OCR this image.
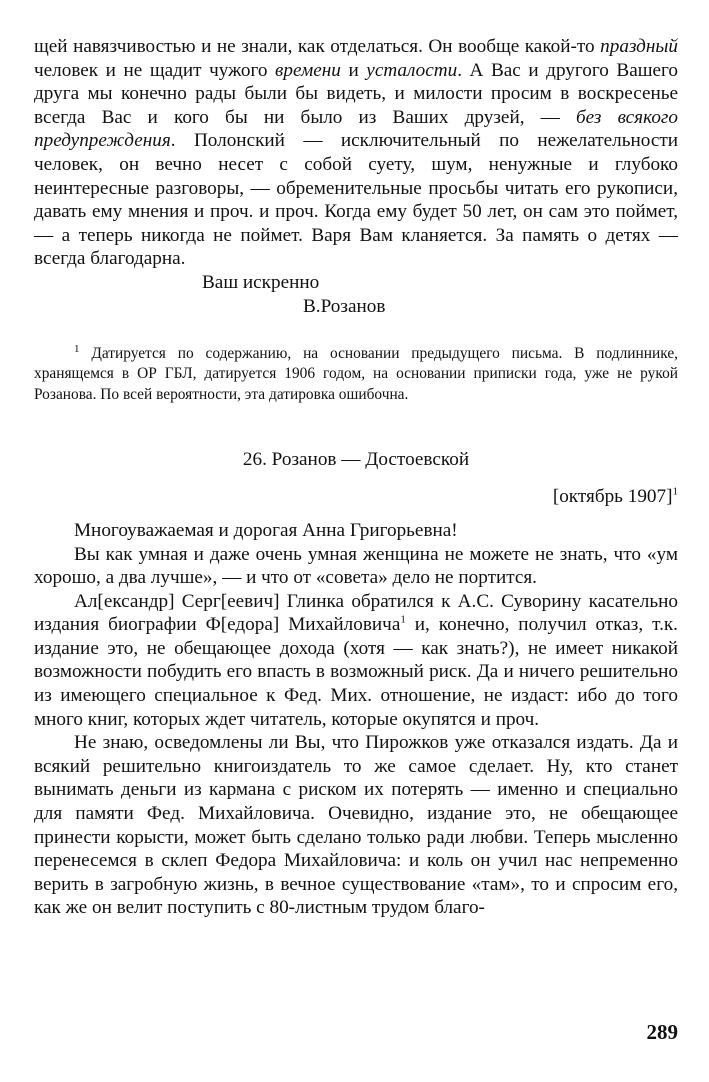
щей навязчивостью и не знали, как отделаться. Он вообще какой-то праздный человек и не щадит чужого времени и усталости. А Вас и другого Вашего друга мы конечно рады были бы видеть, и милости просим в воскресенье всегда Вас и кого бы ни было из Ваших друзей, — без всякого предупреждения. Полонский — исключительный по нежелательности человек, он вечно несет с собой суету, шум, ненужные и глубоко неинтересные разговоры, — обременительные просьбы читать его рукописи, давать ему мнения и проч. и проч. Когда ему будет 50 лет, он сам это поймет, — а теперь никогда не поймет. Варя Вам кланяется. За память о детях — всегда благодарна.

Ваш искренно

В.Розанов

$^1$ Датируется по содержанию, на основании предыдущего письма. В подлиннике, хранящемся в ОР ГБЛ, датируется 1906 годом, на основании приписки года, уже не рукой Розанова. По всей вероятности, эта датировка ошибочна.

26. Розанов — Достоевской

[октябрь 1907]$^1$

Многоуважаемая и дорогая Анна Григорьевна!

Вы как умная и даже очень умная женщина не можете не знать, что «ум хорошо, а два лучше», — и что от «совета» дело не портится.

Ал[ександр] Серг[еевич] Глинка обратился к А.С. Суворину касательно издания биографии Ф[едора] Михайловича$^1$ и, конечно, получил отказ, т.к. издание это, не обещающее дохода (хотя — как знать?), не имеет никакой возможности побудить его впасть в возможный риск. Да и ничего решительно из имеющего специальное к Фед. Мих. отношение, не издаст: ибо до того много книг, которых ждет читатель, которые окупятся и проч.

Не знаю, осведомлены ли Вы, что Пирожков уже отказался издать. Да и всякий решительно книгоиздатель то же самое сделает. Ну, кто станет вынимать деньги из кармана с риском их потерять — именно и специально для памяти Фед. Михайловича. Очевидно, издание это, не обещающее принести корысти, может быть сделано только ради любви. Теперь мысленно перенесемся в склеп Федора Михайловича: и коль он учил нас непременно верить в загробную жизнь, в вечное существование «там», то и спросим его, как же он велит поступить с 80-листным трудом благо-

289
